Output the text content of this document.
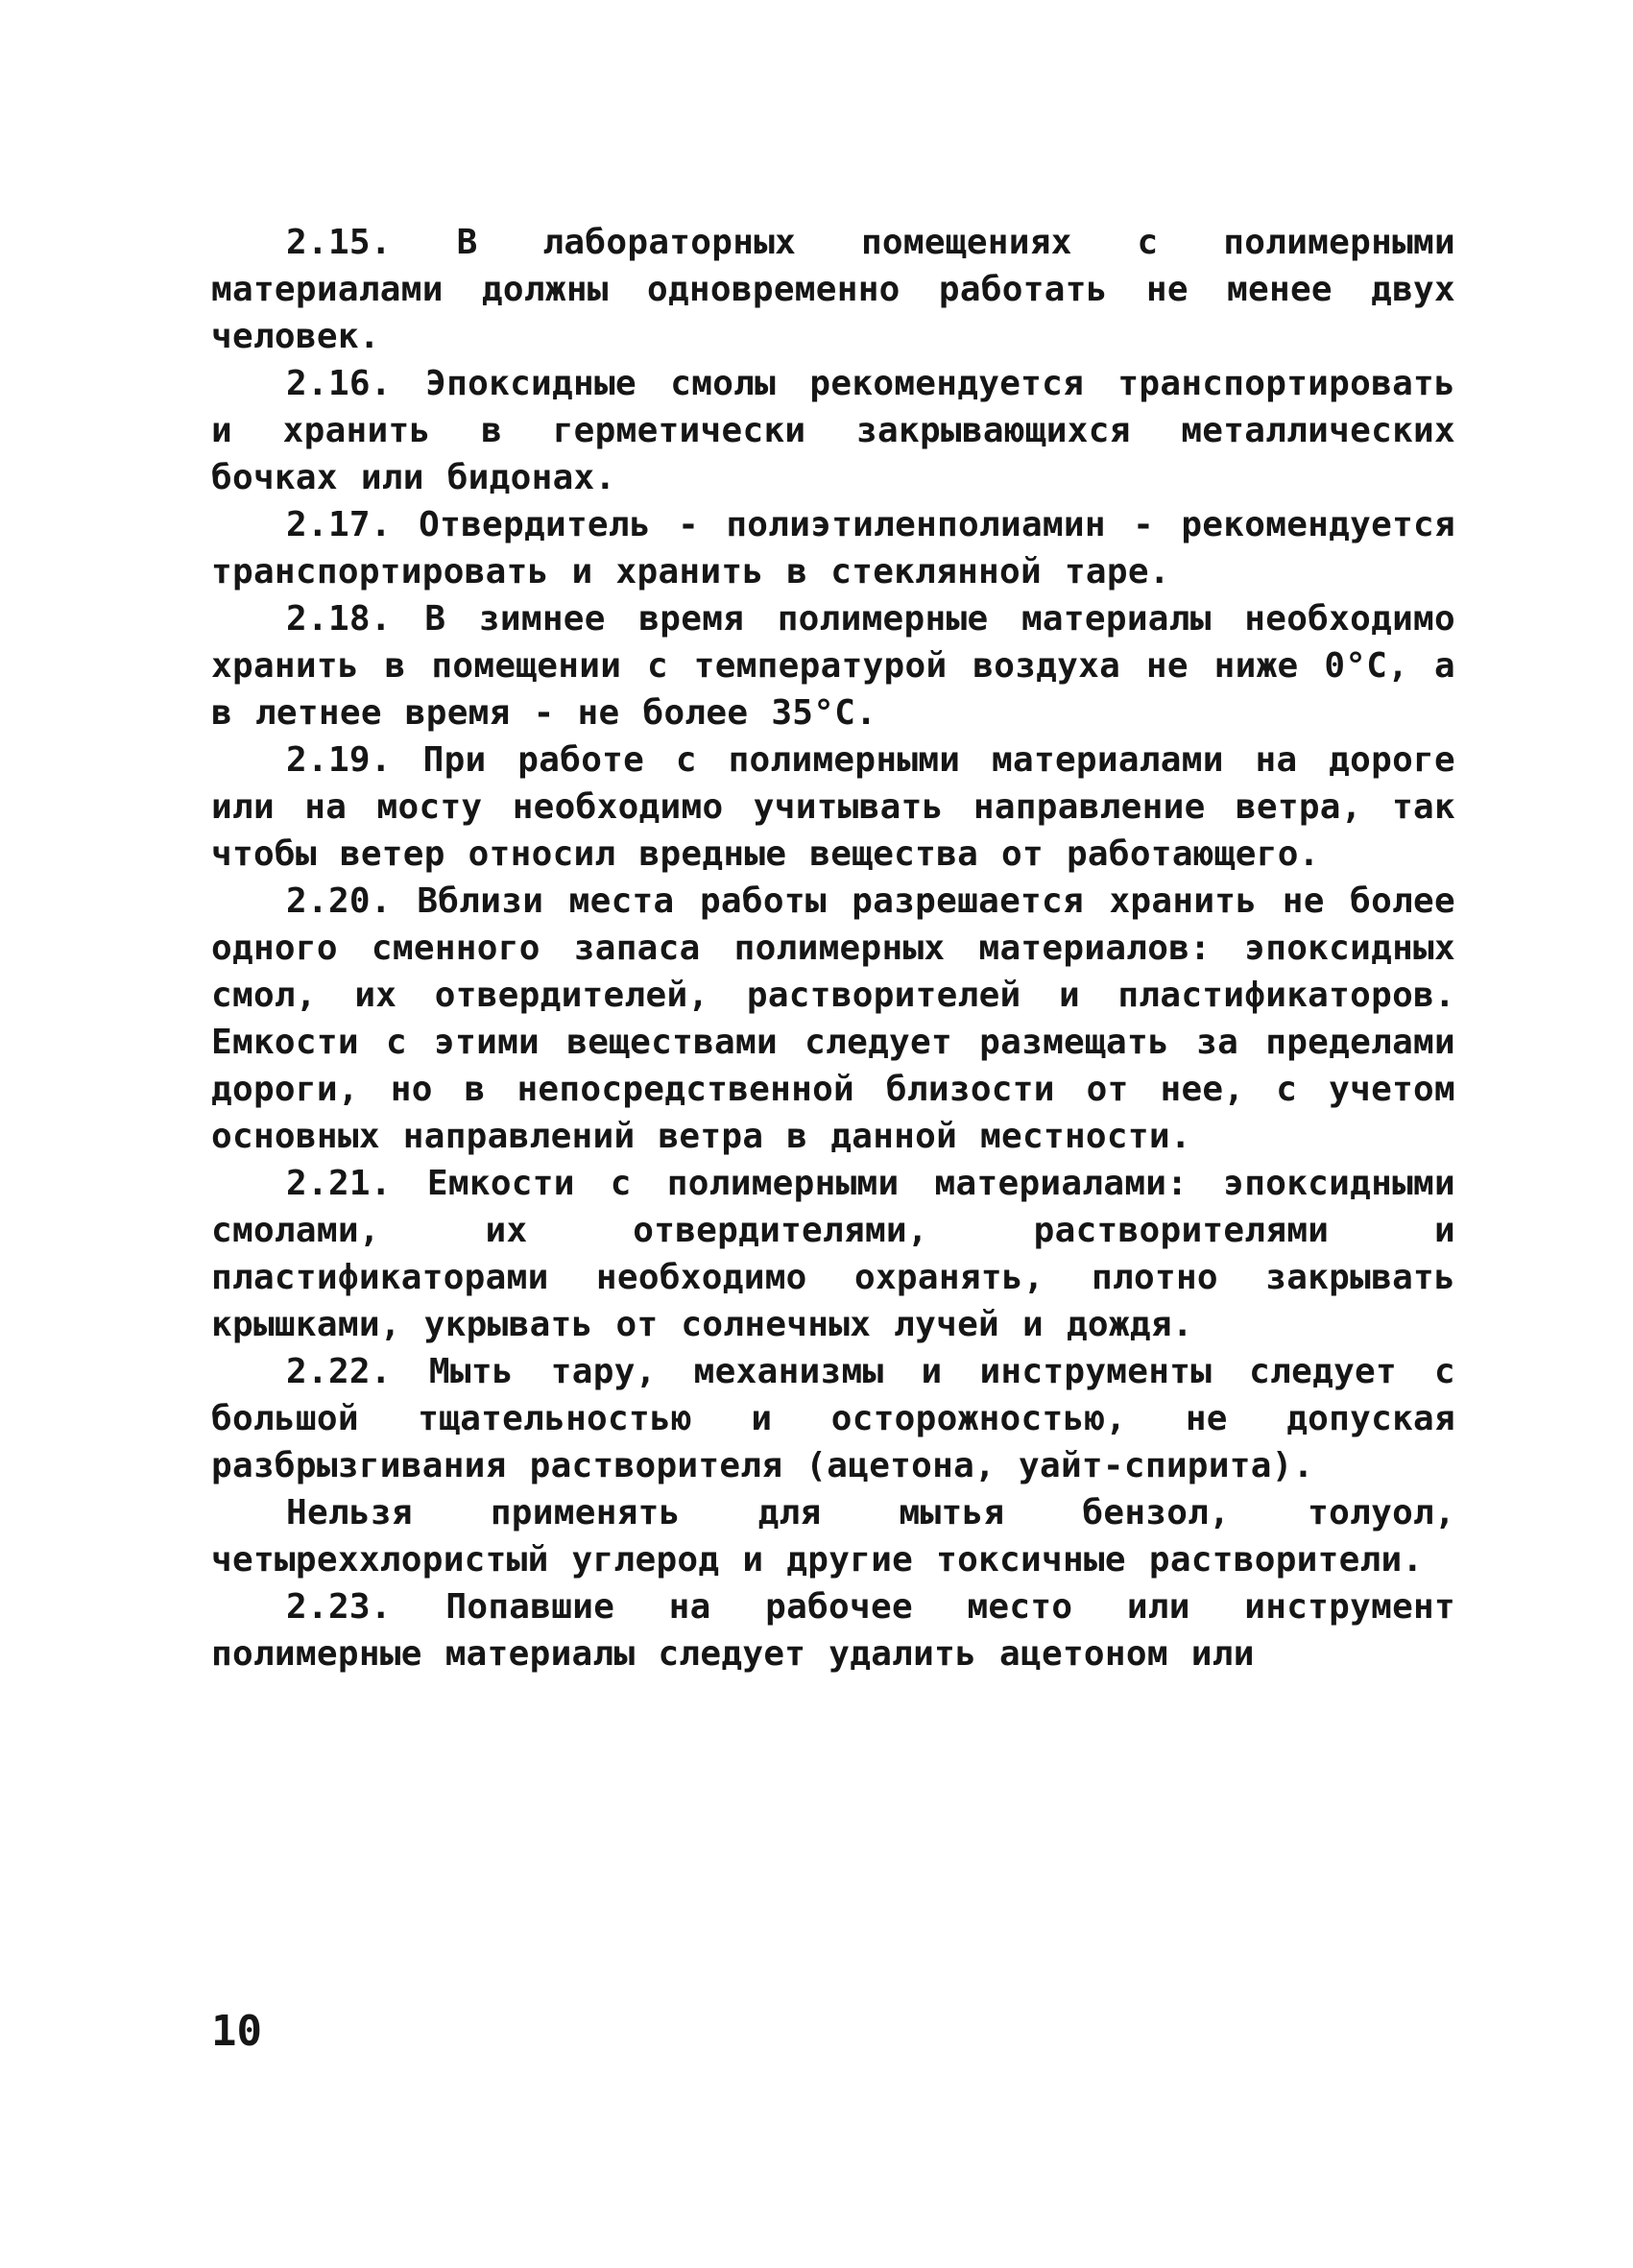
2.15. В лабораторных помещениях с полимерными материалами должны одновременно работать не менее двух человек.

2.16. Эпоксидные смолы рекомендуется транспортировать и хранить в герметически закрывающихся металлических бочках или бидонах.

2.17. Отвердитель - полиэтиленполиамин - рекомендуется транспортировать и хранить в стеклянной таре.

2.18. В зимнее время полимерные материалы необходимо хранить в помещении с температурой воздуха не ниже 0°С, а в летнее время - не более 35°С.

2.19. При работе с полимерными материалами на дороге или на мосту необходимо учитывать направление ветра, так чтобы ветер относил вредные вещества от работающего.

2.20. Вблизи места работы разрешается хранить не более одного сменного запаса полимерных материалов: эпоксидных смол, их отвердителей, растворителей и пластификаторов. Емкости с этими веществами следует размещать за пределами дороги, но в непосредственной близости от нее, с учетом основных направлений ветра в данной местности.

2.21. Емкости с полимерными материалами: эпоксидными смолами, их отвердителями, растворителями и пластификаторами необходимо охранять, плотно закрывать крышками, укрывать от солнечных лучей и дождя.

2.22. Мыть тару, механизмы и инструменты следует с большой тщательностью и осторожностью, не допуская разбрызгивания растворителя (ацетона, уайт-спирита).

Нельзя применять для мытья бензол, толуол, четыреххлористый углерод и другие токсичные растворители.

2.23. Попавшие на рабочее место или инструмент полимерные материалы следует удалить ацетоном или

10
